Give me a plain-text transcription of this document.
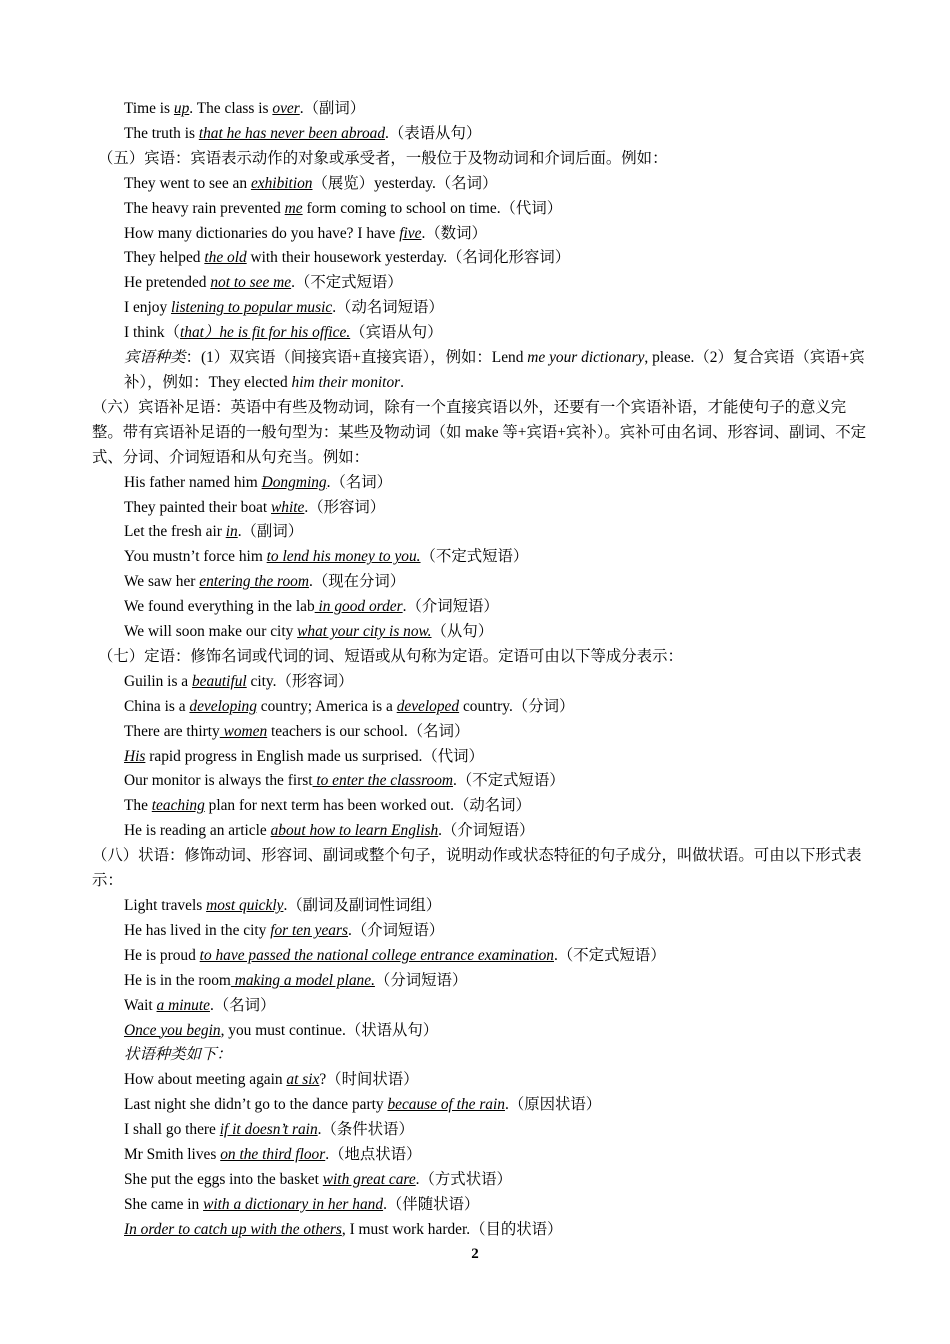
Time is up. The class is over.（副词）
The truth is that he has never been abroad.（表语从句）
（五）宾语：宾语表示动作的对象或承受者，一般位于及物动词和介词后面。例如：
They went to see an exhibition（展览）yesterday.（名词）
The heavy rain prevented me form coming to school on time.（代词）
How many dictionaries do you have? I have five.（数词）
They helped the old with their housework yesterday.（名词化形容词）
He pretended not to see me.（不定式短语）
I enjoy listening to popular music.（动名词短语）
I think（that）he is fit for his office.（宾语从句）
宾语种类：(1）双宾语（间接宾语+直接宾语），例如：Lend me your dictionary, please.（2）复合宾语（宾语+宾补），例如：They elected him their monitor.
（六）宾语补足语：英语中有些及物动词，除有一个直接宾语以外，还要有一个宾语补语，才能使句子的意义完整。带有宾语补足语的一般句型为：某些及物动词（如 make 等+宾语+宾补）。宾补可由名词、形容词、副词、不定式、分词、介词短语和从句充当。例如：
His father named him Dongming.（名词）
They painted their boat white.（形容词）
Let the fresh air in.（副词）
You mustn’t force him to lend his money to you.（不定式短语）
We saw her entering the room.（现在分词）
We found everything in the lab in good order.（介词短语）
We will soon make our city what your city is now.（从句）
（七）定语：修饰名词或代词的词、短语或从句称为定语。定语可由以下等成分表示：
Guilin is a beautiful city.（形容词）
China is a developing country; America is a developed country.（分词）
There are thirty women teachers is our school.（名词）
His rapid progress in English made us surprised.（代词）
Our monitor is always the first to enter the classroom.（不定式短语）
The teaching plan for next term has been worked out.（动名词）
He is reading an article about how to learn English.（介词短语）
（八）状语：修饰动词、形容词、副词或整个句子，说明动作或状态特征的句子成分，叫做状语。可由以下形式表示：
Light travels most quickly.（副词及副词性词组）
He has lived in the city for ten years.（介词短语）
He is proud to have passed the national college entrance examination.（不定式短语）
He is in the room making a model plane.（分词短语）
Wait a minute.（名词）
Once you begin, you must continue.（状语从句）
状语种类如下：
How about meeting again at six?（时间状语）
Last night she didn’t go to the dance party because of the rain.（原因状语）
I shall go there if it doesn’t rain.（条件状语）
Mr Smith lives on the third floor.（地点状语）
She put the eggs into the basket with great care.（方式状语）
She came in with a dictionary in her hand.（伴随状语）
In order to catch up with the others, I must work harder.（目的状语）
2
